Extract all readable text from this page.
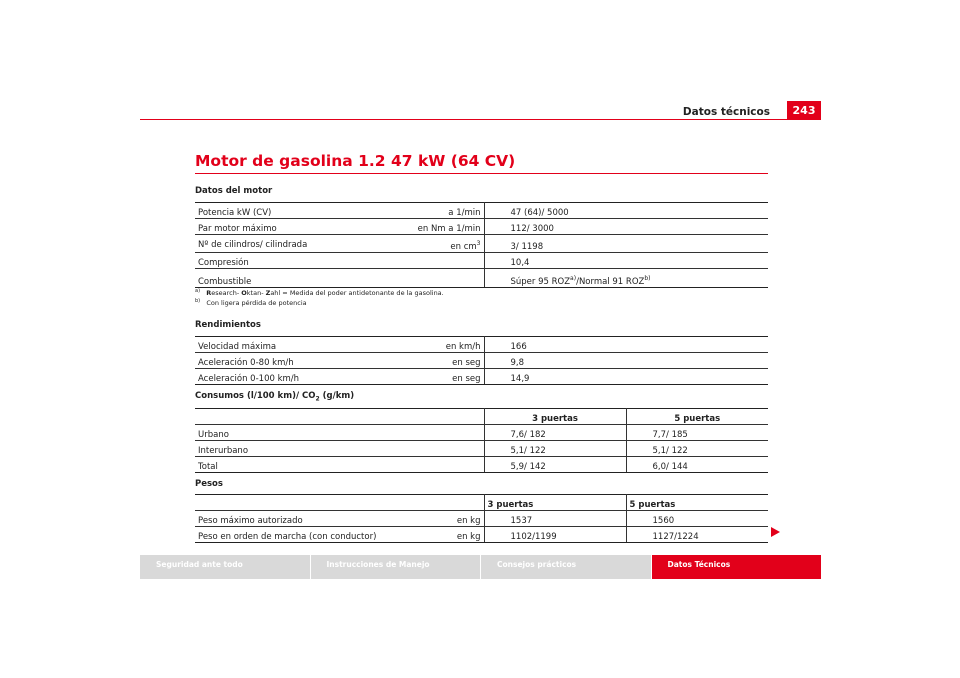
Datos técnicos	243
Motor de gasolina 1.2 47 kW (64 CV)
Datos del motor
Potencia kW (CV) a 1/min	47 (64)/ 5000
Par motor máximo en Nm a 1/min	112/ 3000
Nº de cilindros/ cilindrada en $cm^3$	3/ 1198
Compresión	10,4
Combustible	Súper 95 ROZ$^{a)}$/Normal 91 ROZ$^{b)}$
$^{a)}$ Research- Oktan- Zahl = Medida del poder antidetonante de la gasolina.
$^{b)}$ Con ligera pérdida de potencia
Rendimientos
Velocidad máxima en km/h	166
Aceleración 0-80 km/h en seg	9,8
Aceleración 0-100 km/h en seg	14,9
Consumos (l/100 km)/ $CO_2$ (g/km)
	3 puertas	5 puertas
Urbano	7,6/ 182	7,7/ 185
Interurbano	5,1/ 122	5,1/ 122
Total	5,9/ 142	6,0/ 144
Pesos
	3 puertas	5 puertas
Peso máximo autorizado en kg	1537	1560
Peso en orden de marcha (con conductor) en kg	1102/1199	1127/1224
Seguridad ante todo	Instrucciones de Manejo	Consejos prácticos	Datos Técnicos
